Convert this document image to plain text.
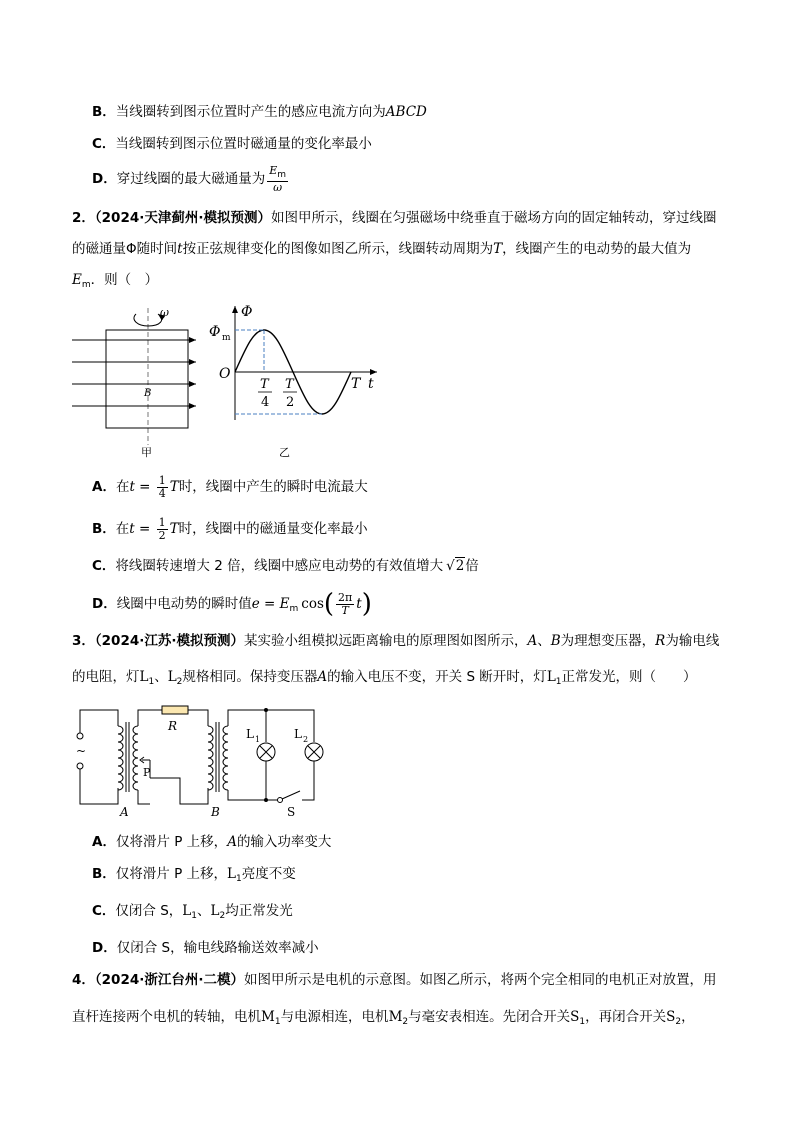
B．当线圈转到图示位置时产生的感应电流方向为ABCD
C．当线圈转到图示位置时磁通量的变化率最小
D．穿过线圈的最大磁通量为 $\frac{E_m}{\omega}$
2．（2024·天津蓟州·模拟预测）如图甲所示，线圈在匀强磁场中绕垂直于磁场方向的固定轴转动，穿过线圈
的磁通量Φ随时间t按正弦规律变化的图像如图乙所示，线圈转动周期为T，线圈产生的电动势的最大值为
$E_m$．则（　）
ω
B
甲
Φ
Φ m
O
T
4
T
2
T t
乙
A．在$t = \frac{1}{4}$ T时，线圈中产生的瞬时电流最大
B．在$t = \frac{1}{2}$ T时，线圈中的磁通量变化率最小
C．将线圈转速增大 2 倍，线圈中感应电动势的有效值增大 √2倍
D．线圈中电动势的瞬时值$e = E_m$ $\cos( \frac{2\pi}{T} t)$
3．（2024·江苏·模拟预测）某实验小组模拟远距离输电的原理图如图所示，A、B为理想变压器，R为输电线
的电阻，灯$L_1$、$L_2$规格相同。保持变压器A的输入电压不变，开关 S 断开时，灯$L_1$正常发光，则（　　）
~
P
A
R
B
L 1	L 2
S
A．仅将滑片 P 上移，A的输入功率变大
B．仅将滑片 P 上移，$L_1$亮度不变
C．仅闭合 S，$L_1$、$L_2$均正常发光
D．仅闭合 S，输电线路输送效率减小
4．（2024·浙江台州·二模）如图甲所示是电机的示意图。如图乙所示，将两个完全相同的电机正对放置，用
直杆连接两个电机的转轴，电机$M_1$与电源相连，电机$M_2$与毫安表相连。先闭合开关$S_1$，再闭合开关$S_2$，
